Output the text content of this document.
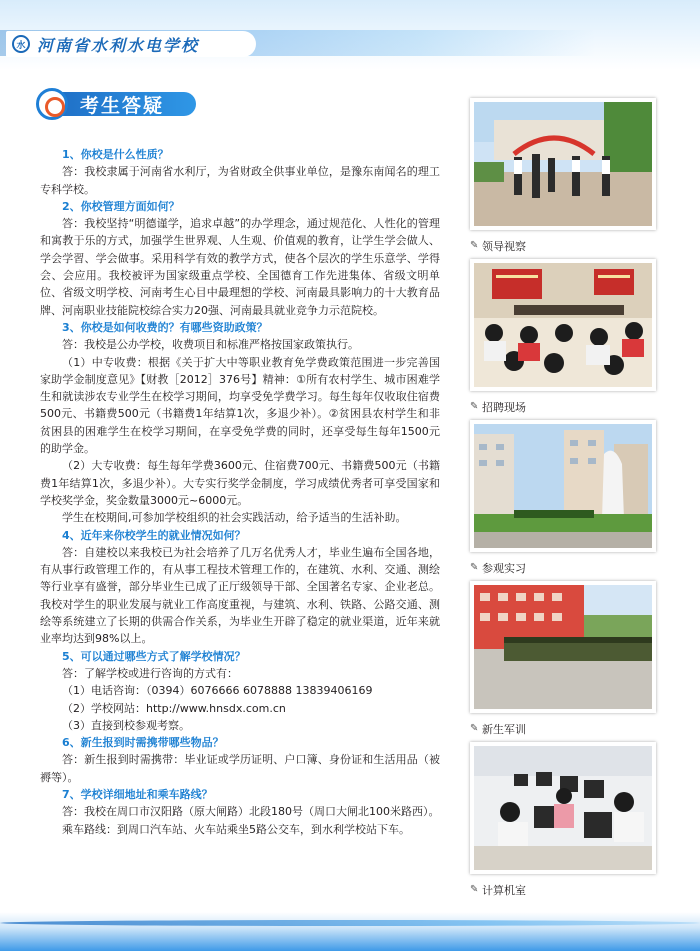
水 河南省水利水电学校
考生答疑
1、你校是什么性质？
答：我校隶属于河南省水利厅，为省财政全供事业单位，是豫东南闻名的理工专科学校。
2、你校管理方面如何？
答：我校坚持“明德谨学，追求卓越”的办学理念，通过规范化、人性化的管理和寓教于乐的方式，加强学生世界观、人生观、价值观的教育，让学生学会做人、学会学習、学会做事。采用科学有效的教学方式，使各个层次的学生乐意学、学得会、会应用。我校被评为国家级重点学校、全国德育工作先进集体、省级文明单位、省级文明学校、河南考生心目中最理想的学校、河南最具影响力的十大教育品牌、河南职业技能院校综合实力20强、河南最具就业竞争力示范院校。
3、你校是如何收费的？有哪些资助政策？
答：我校是公办学校，收费项目和标准严格按国家政策执行。
（1）中专收费：根据《关于扩大中等职业教育免学费政策范围进一步完善国家助学金制度意见》【财教［2012］376号】精神：①所有农村学生、城市困难学生和就读涉农专业学生在校学习期间，均享受免学费学习。每生每年仅收取住宿费500元、书籍费500元（书籍费1年结算1次，多退少补）。②贫困县农村学生和非贫困县的困难学生在校学习期间，在享受免学费的同时，还享受每生每年1500元的助学金。
（2）大专收费：每生每年学费3600元、住宿费700元、书籍费500元（书籍费1年结算1次，多退少补）。大专实行奖学金制度，学习成绩优秀者可享受国家和学校奖学金，奖金数量3000元~6000元。
学生在校期间,可参加学校组织的社会实践活动，给予适当的生活补助。
4、近年来你校学生的就业情况如何？
答：自建校以来我校已为社会培养了几万名优秀人才，毕业生遍布全国各地，有从事行政管理工作的，有从事工程技术管理工作的，在建筑、水利、交通、测绘等行业享有盛誉，部分毕业生已成了正厅级领导干部、全国著名专家、企业老总。我校对学生的职业发展与就业工作高度重视，与建筑、水利、铁路、公路交通、测绘等系统建立了长期的供需合作关系，为毕业生开辟了稳定的就业渠道，近年来就业率均达到98%以上。
5、可以通过哪些方式了解学校情况？
答：了解学校或进行咨询的方式有：
（1）电话咨询：（0394）6076666 6078888 13839406169
（2）学校网站：http://www.hnsdx.com.cn
（3）直接到校参观考察。
6、新生报到时需携带哪些物品？
答：新生报到时需携带：毕业证或学历证明、户口簿、身份证和生活用品（被褥等）。
7、学校详细地址和乘车路线？
答：我校在周口市汉阳路（原大闸路）北段180号（周口大闸北100米路西）。
乘车路线：到周口汽车站、火车站乘坐5路公交车，到水利学校站下车。
✎ 领导视察
✎ 招聘现场
✎ 参观实习
✎ 新生军训
✎ 计算机室
